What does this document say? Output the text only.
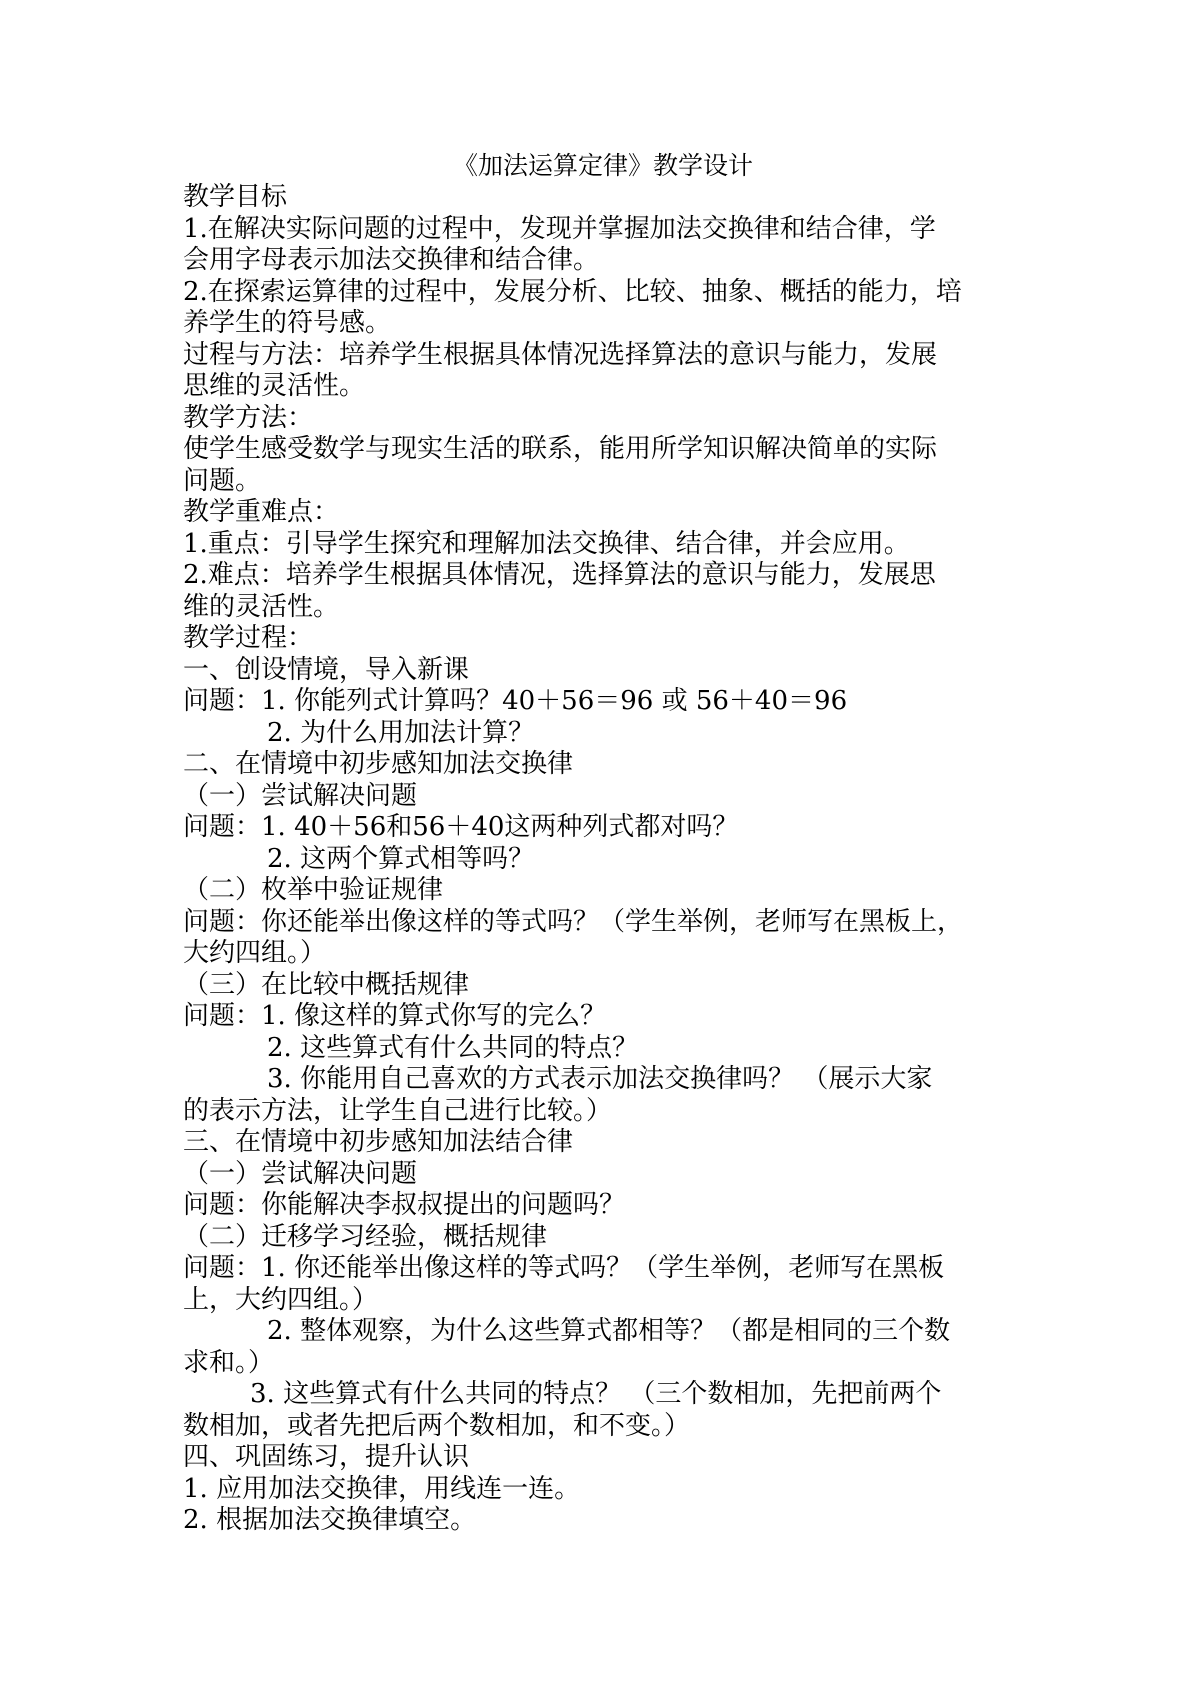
《加法运算定律》教学设计

教学目标

1.在解决实际问题的过程中，发现并掌握加法交换律和结合律，学

会用字母表示加法交换律和结合律。

2.在探索运算律的过程中，发展分析、比较、抽象、概括的能力，培

养学生的符号感。

过程与方法：培养学生根据具体情况选择算法的意识与能力，发展

思维的灵活性。

教学方法：

使学生感受数学与现实生活的联系，能用所学知识解决简单的实际

问题。

教学重难点：

1.重点：引导学生探究和理解加法交换律、结合律，并会应用。

2.难点：培养学生根据具体情况，选择算法的意识与能力，发展思

维的灵活性。

教学过程：

一、创设情境，导入新课

问题：1. 你能列式计算吗？40＋56＝96 或 56＋40＝96

2. 为什么用加法计算？

二、在情境中初步感知加法交换律

（一）尝试解决问题

问题：1. 40＋56和56＋40这两种列式都对吗？

2. 这两个算式相等吗？

（二）枚举中验证规律

问题：你还能举出像这样的等式吗？（学生举例，老师写在黑板上，

大约四组。）

（三）在比较中概括规律

问题：1. 像这样的算式你写的完么？

2. 这些算式有什么共同的特点？

3. 你能用自己喜欢的方式表示加法交换律吗？ （展示大家

的表示方法，让学生自己进行比较。）

三、在情境中初步感知加法结合律

（一）尝试解决问题

问题：你能解决李叔叔提出的问题吗？

（二）迁移学习经验，概括规律

问题：1. 你还能举出像这样的等式吗？（学生举例，老师写在黑板

上，大约四组。）

2. 整体观察，为什么这些算式都相等？（都是相同的三个数

求和。）

3. 这些算式有什么共同的特点？ （三个数相加，先把前两个

数相加，或者先把后两个数相加，和不变。）

四、巩固练习，提升认识

1. 应用加法交换律，用线连一连。

2. 根据加法交换律填空。
